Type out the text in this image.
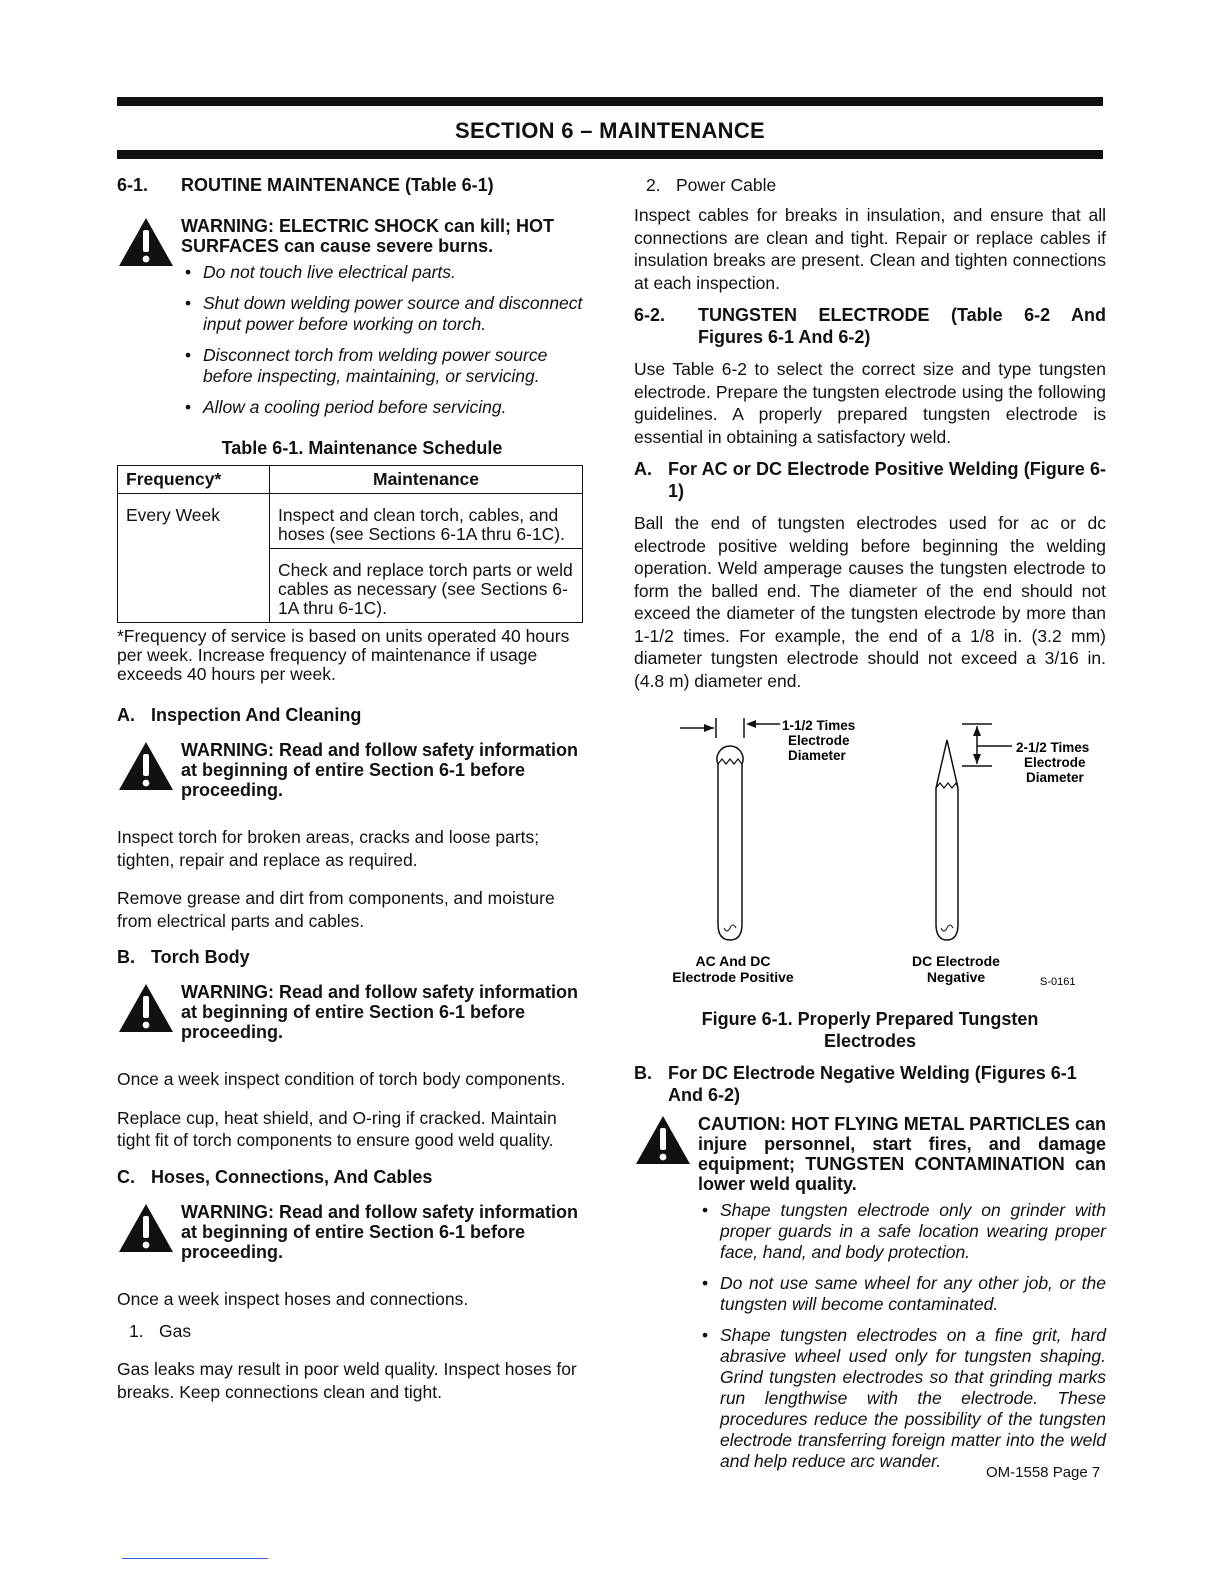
SECTION 6 – MAINTENANCE
6-1. ROUTINE MAINTENANCE (Table 6-1)
WARNING: ELECTRIC SHOCK can kill; HOT SURFACES can cause severe burns.
• Do not touch live electrical parts.
• Shut down welding power source and disconnect input power before working on torch.
• Disconnect torch from welding power source before inspecting, maintaining, or servicing.
• Allow a cooling period before servicing.
Table 6-1. Maintenance Schedule
Frequency*	Maintenance
Every Week	Inspect and clean torch, cables, and hoses (see Sections 6-1A thru 6-1C).
	Check and replace torch parts or weld cables as necessary (see Sections 6-1A thru 6-1C).
*Frequency of service is based on units operated 40 hours per week. Increase frequency of maintenance if usage exceeds 40 hours per week.
A. Inspection And Cleaning
WARNING: Read and follow safety information at beginning of entire Section 6-1 before proceeding.

Inspect torch for broken areas, cracks and loose parts; tighten, repair and replace as required.

Remove grease and dirt from components, and moisture from electrical parts and cables.

B. Torch Body
WARNING: Read and follow safety information at beginning of entire Section 6-1 before proceeding.

Once a week inspect condition of torch body components.

Replace cup, heat shield, and O-ring if cracked. Maintain tight fit of torch components to ensure good weld quality.

C. Hoses, Connections, And Cables
WARNING: Read and follow safety information at beginning of entire Section 6-1 before proceeding.

Once a week inspect hoses and connections.

1. Gas

Gas leaks may result in poor weld quality. Inspect hoses for breaks. Keep connections clean and tight.

2. Power Cable

Inspect cables for breaks in insulation, and ensure that all connections are clean and tight. Repair or replace cables if insulation breaks are present. Clean and tighten connections at each inspection.

6-2.	TUNGSTEN ELECTRODE (Table 6-2 And Figures 6-1 And 6-2)

Use Table 6-2 to select the correct size and type tungsten electrode. Prepare the tungsten electrode using the following guidelines. A properly prepared tungsten electrode is essential in obtaining a satisfactory weld.

A. For AC or DC Electrode Positive Welding (Figure 6-1)

Ball the end of tungsten electrodes used for ac or dc electrode positive welding before beginning the welding operation. Weld amperage causes the tungsten electrode to form the balled end. The diameter of the end should not exceed the diameter of the tungsten electrode by more than 1-1/2 times. For example, the end of a 1/8 in. (3.2 mm) diameter tungsten electrode should not exceed a 3/16 in. (4.8 m) diameter end.

1-1/2 Times Electrode Diameter
2-1/2 Times Electrode Diameter
AC And DC Electrode Positive
DC Electrode Negative	S-0161
Figure 6-1. Properly Prepared Tungsten Electrodes
B. For DC Electrode Negative Welding (Figures 6-1 And 6-2)
CAUTION: HOT FLYING METAL PARTICLES can injure personnel, start fires, and damage equipment; TUNGSTEN CONTAMINATION can lower weld quality.
• Shape tungsten electrode only on grinder with proper guards in a safe location wearing proper face, hand, and body protection.
• Do not use same wheel for any other job, or the tungsten will become contaminated.
• Shape tungsten electrodes on a fine grit, hard abrasive wheel used only for tungsten shaping. Grind tungsten electrodes so that grinding marks run lengthwise with the electrode. These procedures reduce the possibility of the tungsten electrode transferring foreign matter into the weld and help reduce arc wander.
OM-1558 Page 7
